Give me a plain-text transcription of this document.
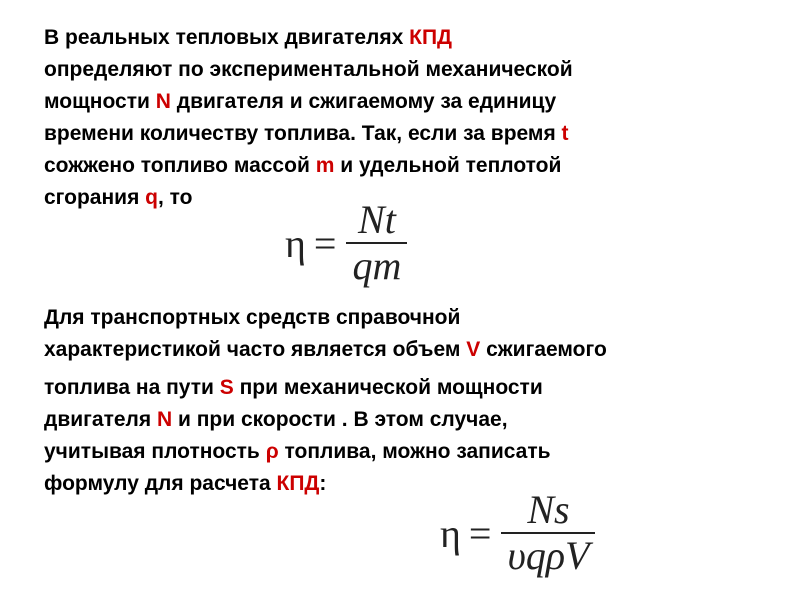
В реальных тепловых двигателях КПД
определяют по экспериментальной механической
мощности N двигателя и сжигаемому за единицу
времени количеству топлива. Так, если за время t
сожжено топливо массой m и удельной теплотой
сгорания q, то
$\eta = \frac{Nt}{qm}$
Для транспортных средств справочной
характеристикой часто является объем V сжигаемого
топлива на пути S при механической мощности
двигателя N и при скорости . В этом случае,
учитывая плотность ρ топлива, можно записать
формулу для расчета КПД:
$\eta = \frac{Ns}{\text{υqρV}}$
